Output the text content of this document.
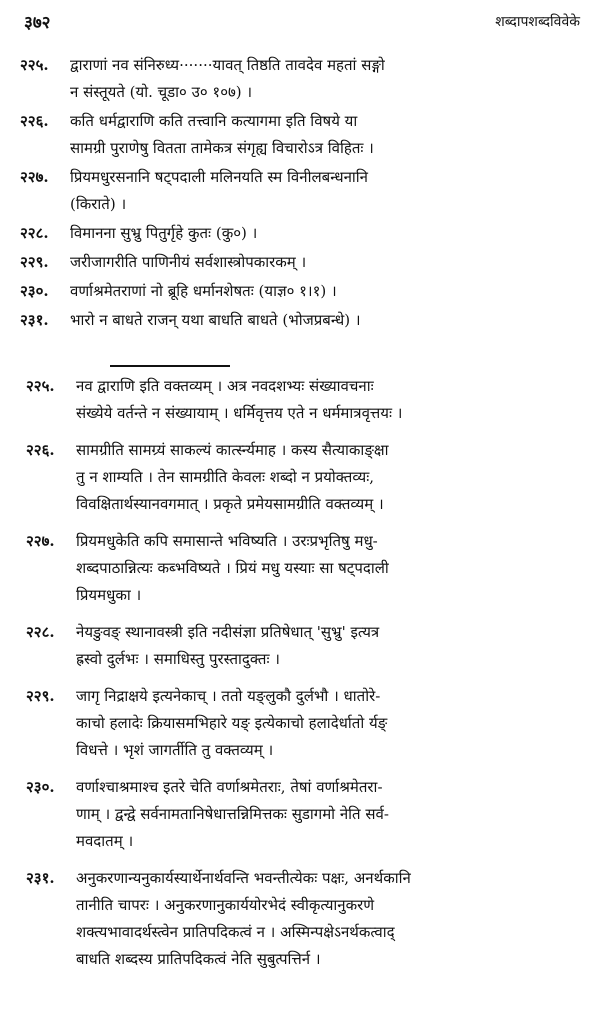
३७२	शब्दापशब्दविवेके
२२५. द्वाराणां नव संनिरुध्य·······यावत् तिष्ठति तावदेव महतां सङ्गो
न संस्तूयते (यो. चूडा० उ० १०७) ।
२२६. कति धर्मद्वाराणि कति तत्त्वानि कत्यागमा इति विषये या
सामग्री पुराणेषु वितता तामेकत्र संगृह्य विचारोऽत्र विहितः ।
२२७. प्रियमधुरसनानि षट्पदाली मलिनयति स्म विनीलबन्धनानि
(किराते) ।
२२८. विमानना सुभ्रु पितुर्गृहे कुतः (कु०) ।
२२९. जरीजागरीति पाणिनीयं सर्वशास्त्रोपकारकम् ।
२३०. वर्णाश्रमेतराणां नो ब्रूहि धर्मानशेषतः (याज्ञ० १।१) ।
२३१. भारो न बाधते राजन् यथा बाधति बाधते (भोजप्रबन्धे) ।
२२५. नव द्वाराणि इति वक्तव्यम् । अत्र नवदशभ्यः संख्यावचनाः
संख्येये वर्तन्ते न संख्यायाम् । धर्मिवृत्तय एते न धर्ममात्रवृत्तयः ।
२२६. सामग्रीति सामग्र्यं साकल्यं कार्त्स्न्यमाह । कस्य सैत्याकाङ्क्षा
तु न शाम्यति । तेन सामग्रीति केवलः शब्दो न प्रयोक्तव्यः,
विवक्षितार्थस्यानवगमात् । प्रकृते प्रमेयसामग्रीति वक्तव्यम् ।
२२७. प्रियमधुकेति कपि समासान्ते भविष्यति । उरःप्रभृतिषु मधु-
शब्दपाठान्नित्यः कब्भविष्यते । प्रियं मधु यस्याः सा षट्पदाली
प्रियमधुका ।
२२८. नेयङुवङ् स्थानावस्त्री इति नदीसंज्ञा प्रतिषेधात् 'सुभ्रु' इत्यत्र
ह्रस्वो दुर्लभः । समाधिस्तु पुरस्तादुक्तः ।
२२९. जागृ निद्राक्षये इत्यनेकाच् । ततो यङ्लुकौ दुर्लभौ । धातोरे-
काचो हलादेः क्रियासमभिहारे यङ् इत्येकाचो हलादेर्धातो र्यङ्
विधत्ते । भृशं जागर्तीति तु वक्तव्यम् ।
२३०. वर्णाश्चाश्रमाश्च इतरे चेति वर्णाश्रमेतराः, तेषां वर्णाश्रमेतरा-
णाम् । द्वन्द्वे सर्वनामतानिषेधात्तन्निमित्तकः सुडागमो नेति सर्व-
मवदातम् ।
२३१. अनुकरणान्यनुकार्यस्यार्थेनार्थवन्ति भवन्तीत्येकः पक्षः, अनर्थकानि
तानीति चापरः । अनुकरणानुकार्ययोरभेदं स्वीकृत्यानुकरणे
शक्त्यभावादर्थस्त्वेन प्रातिपदिकत्वं न । अस्मिन्पक्षेऽनर्थकत्वाद्
बाधति शब्दस्य प्रातिपदिकत्वं नेति सुबुत्पत्तिर्न ।
